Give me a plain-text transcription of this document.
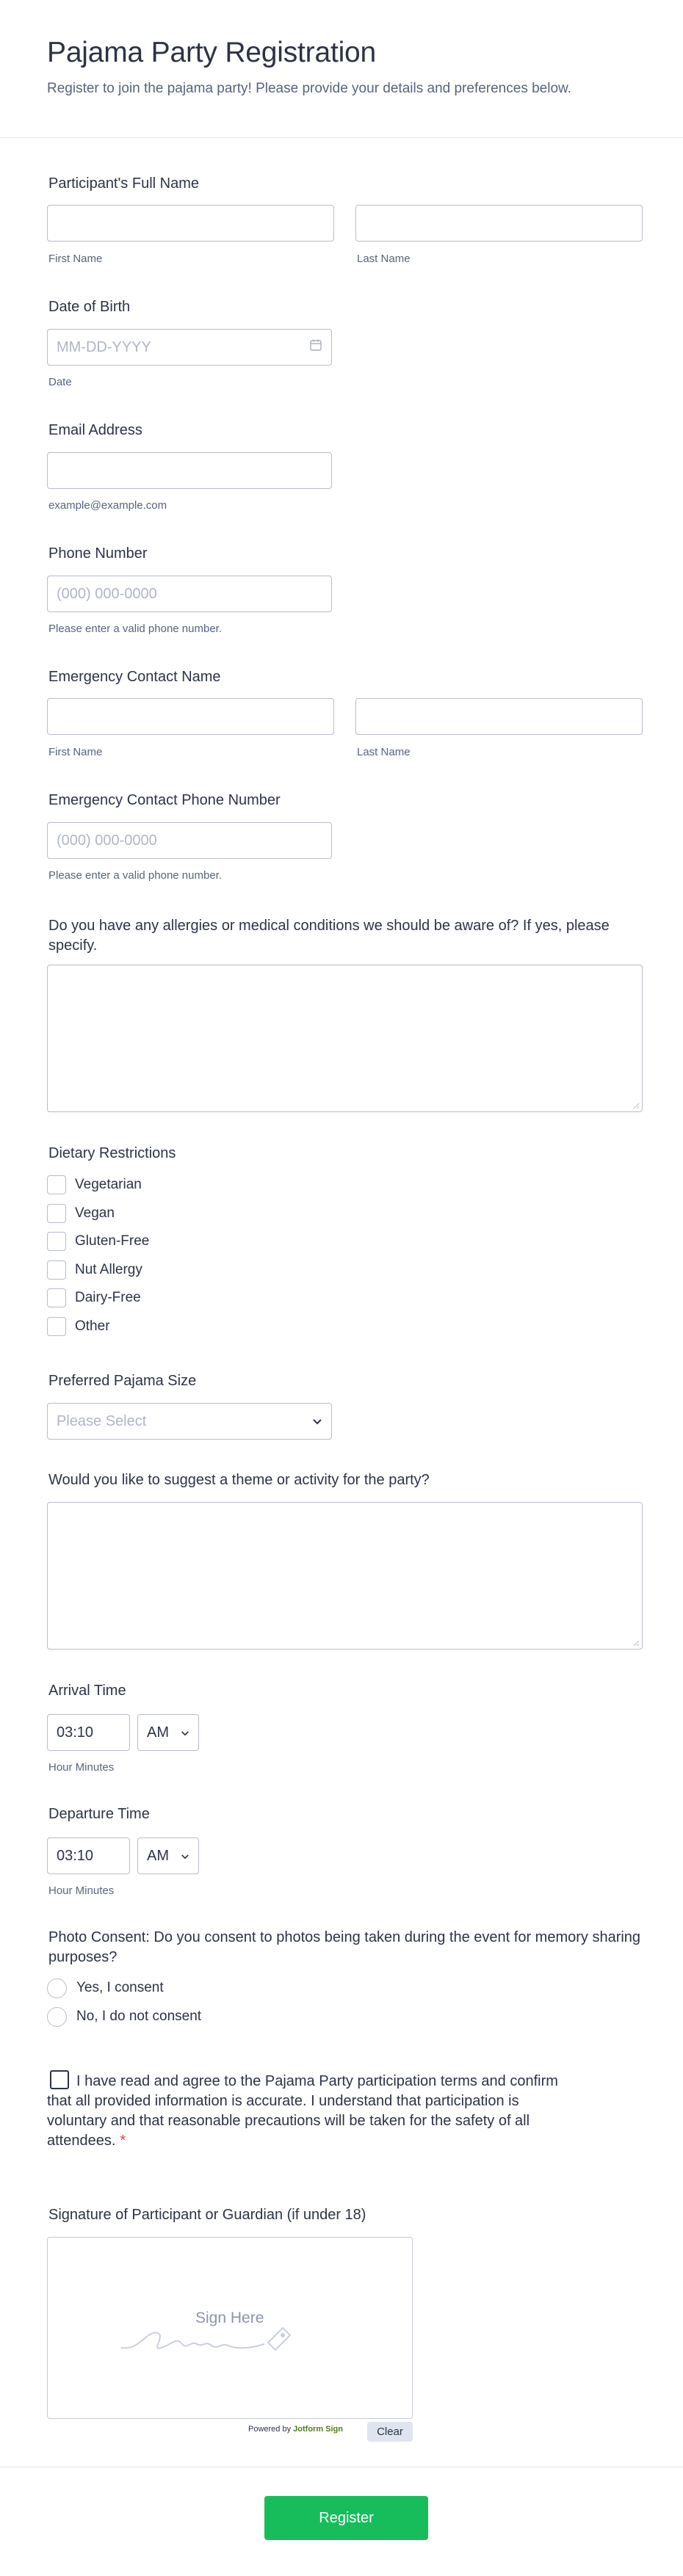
Pajama Party Registration
Register to join the pajama party! Please provide your details and preferences below.
Participant's Full Name
First Name	Last Name
Date of Birth
MM-DD-YYYY
Date
Email Address
example@example.com
Phone Number
(000) 000-0000
Please enter a valid phone number.
Emergency Contact Name
First Name	Last Name
Emergency Contact Phone Number
(000) 000-0000
Please enter a valid phone number.
Do you have any allergies or medical conditions we should be aware of? If yes, please specify.
Dietary Restrictions
Vegetarian
Vegan
Gluten-Free
Nut Allergy
Dairy-Free
Other
Preferred Pajama Size
Please Select
Would you like to suggest a theme or activity for the party?
Arrival Time
03:10	AM
Hour Minutes
Departure Time
03:10	AM
Hour Minutes
Photo Consent: Do you consent to photos being taken during the event for memory sharing purposes?
Yes, I consent
No, I do not consent
I have read and agree to the Pajama Party participation terms and confirm that all provided information is accurate. I understand that participation is voluntary and that reasonable precautions will be taken for the safety of all attendees. *
Signature of Participant or Guardian (if under 18)
Sign Here
Powered by Jotform Sign	Clear
Register
